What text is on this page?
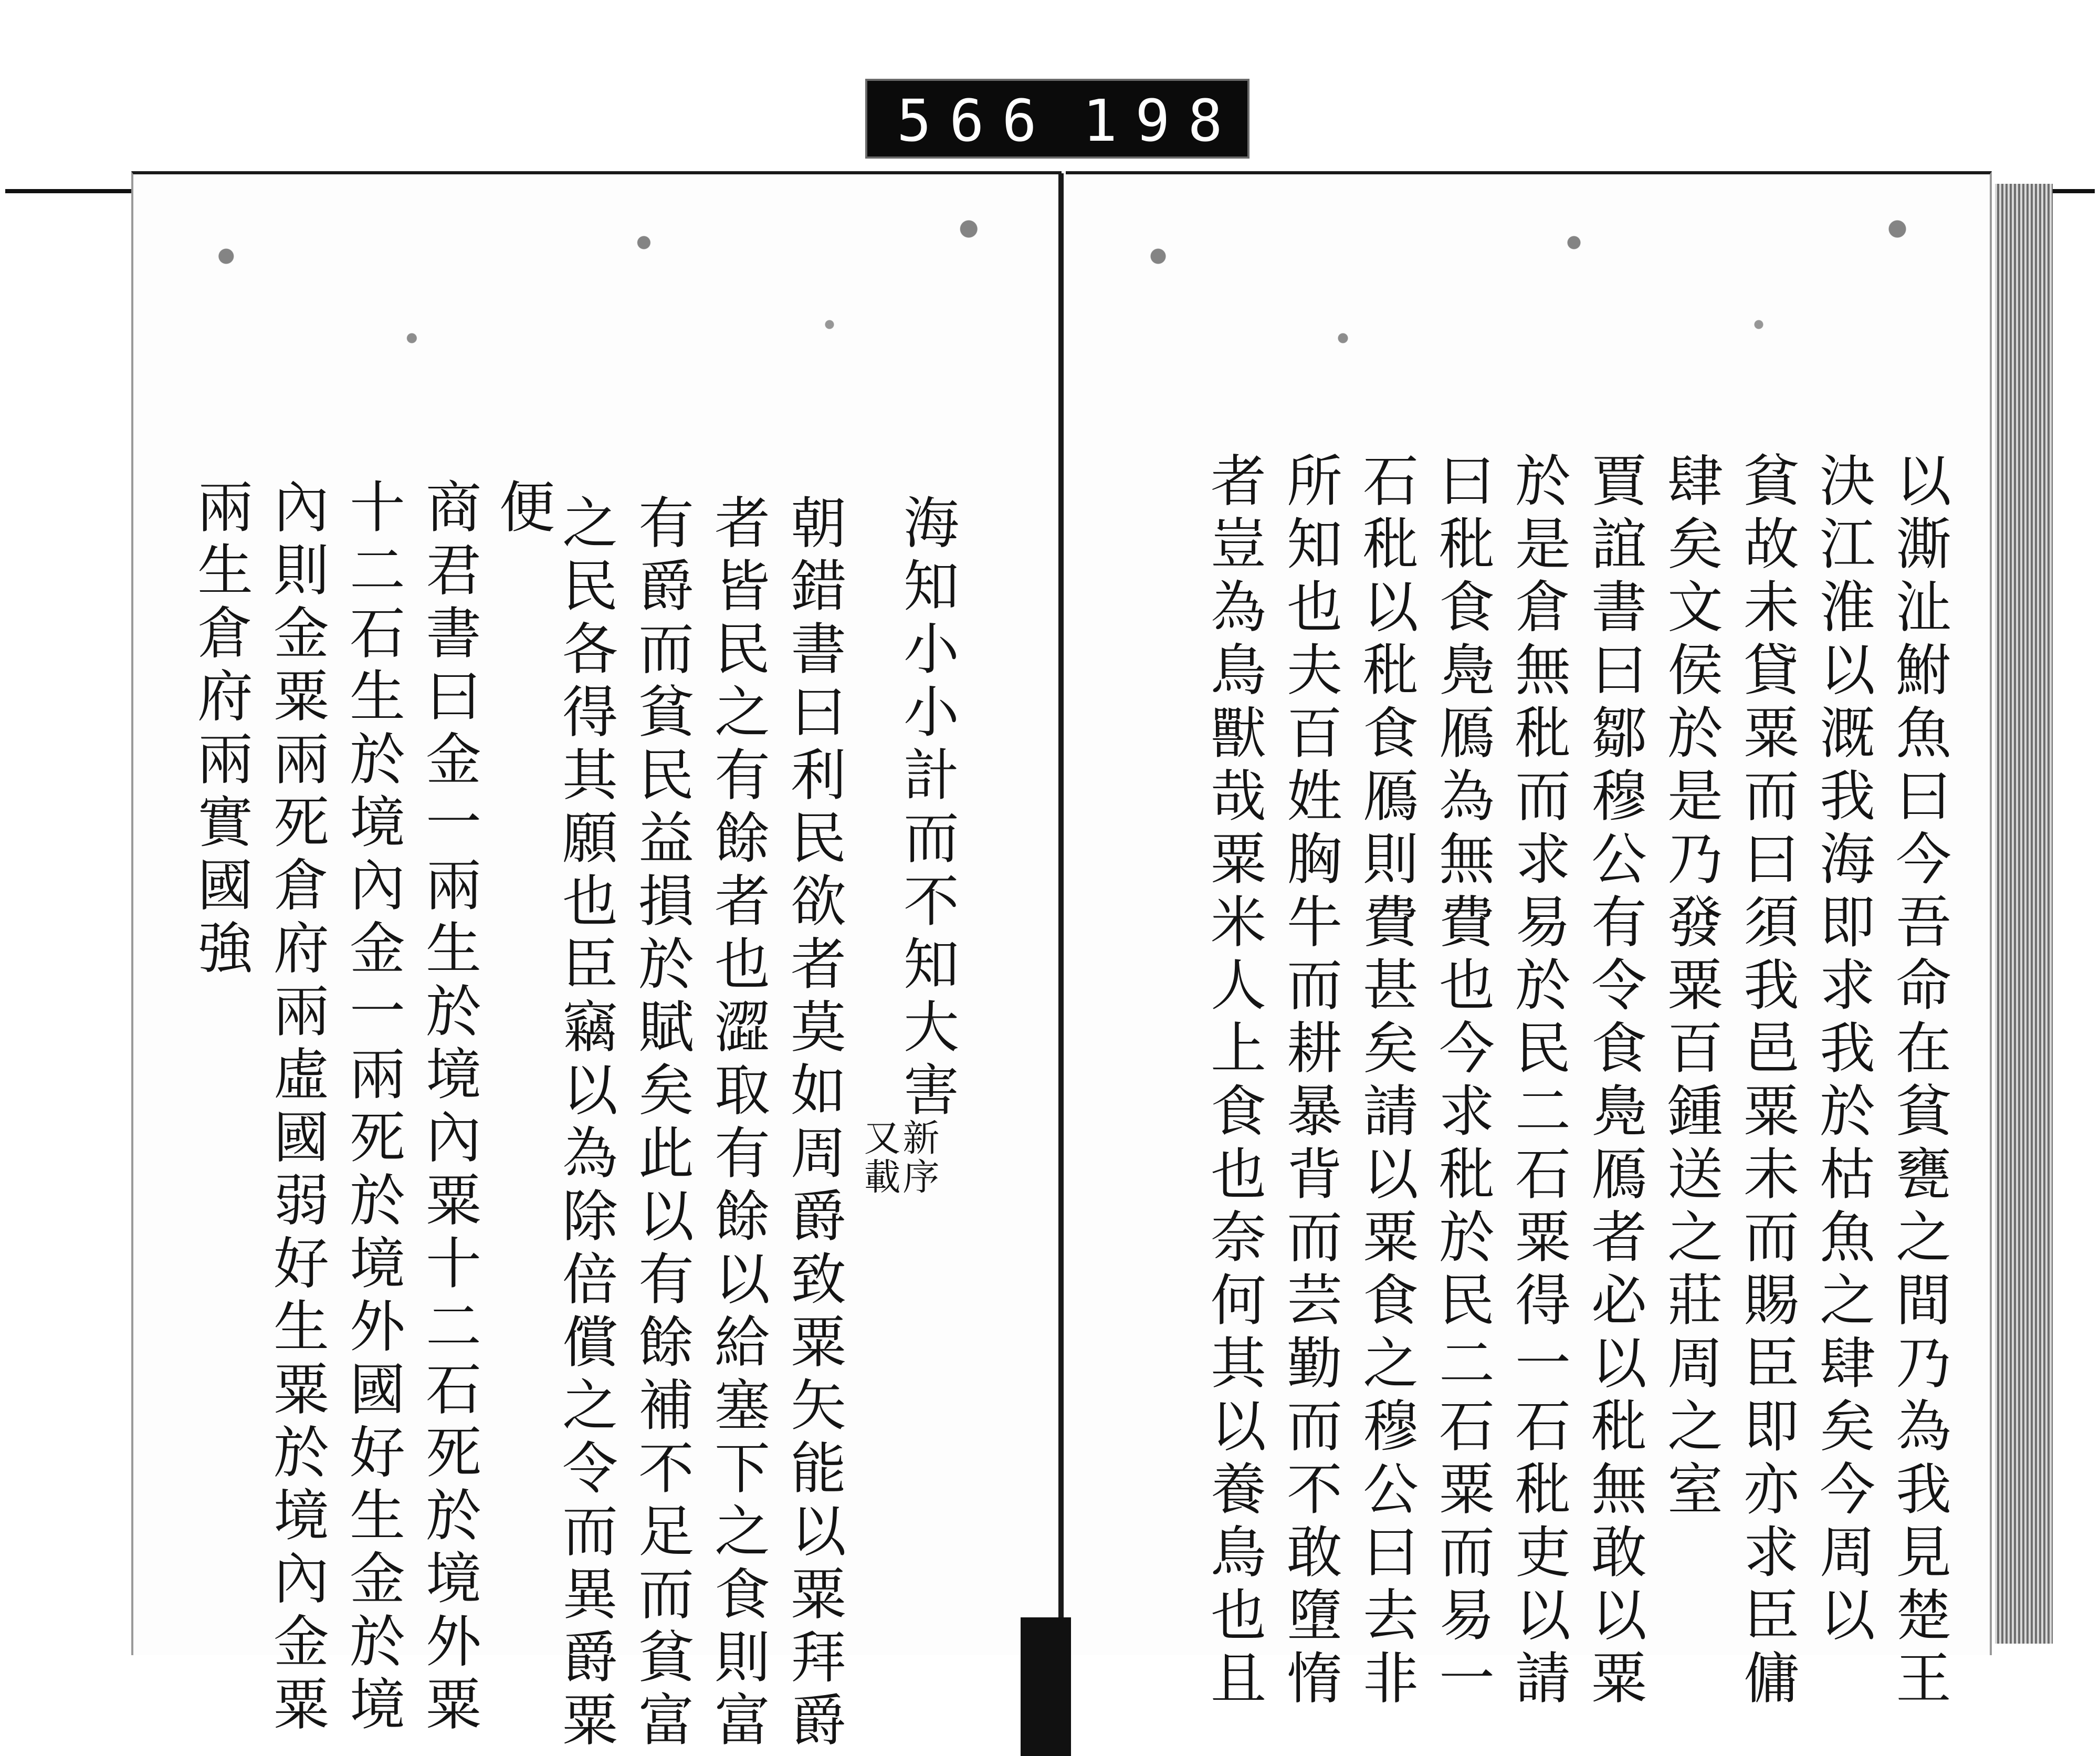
566 198.
以澌沚鮒魚曰今吾命在貧甕之間乃為我見楚王
決江淮以溉我海即求我於枯魚之肆矣今周以
貧故未貸粟而曰須我邑粟未而賜臣即亦求臣傭
肆矣文侯於是乃發粟百鍾送之莊周之室
賈誼書曰鄒穆公有令食鳧鴈者必以秕無敢以粟
於是倉無秕而求易於民二石粟得一石秕吏以請
曰秕食鳧鴈為無費也今求秕於民二石粟而易一
石秕以秕食鴈則費甚矣請以粟食之穆公曰去非
所知也夫百姓胸牛而耕暴背而芸勤而不敢墮惰
者豈為鳥獸哉粟米人上食也奈何其以養鳥也且
海知小小計而不知大害
新序
又載
朝錯書曰利民欲者莫如周爵致粟矢能以粟拜爵
者皆民之有餘者也澀取有餘以給塞下之食則富
有爵而貧民益損於賦矣此以有餘補不足而貧富
之民各得其願也臣竊以為除倍償之令而異爵粟
便
商君書曰金一兩生於境內粟十二石死於境外粟
十二石生於境內金一兩死於境外國好生金於境
內則金粟兩死倉府兩虛國弱好生粟於境內金粟
兩生倉府兩實國強
